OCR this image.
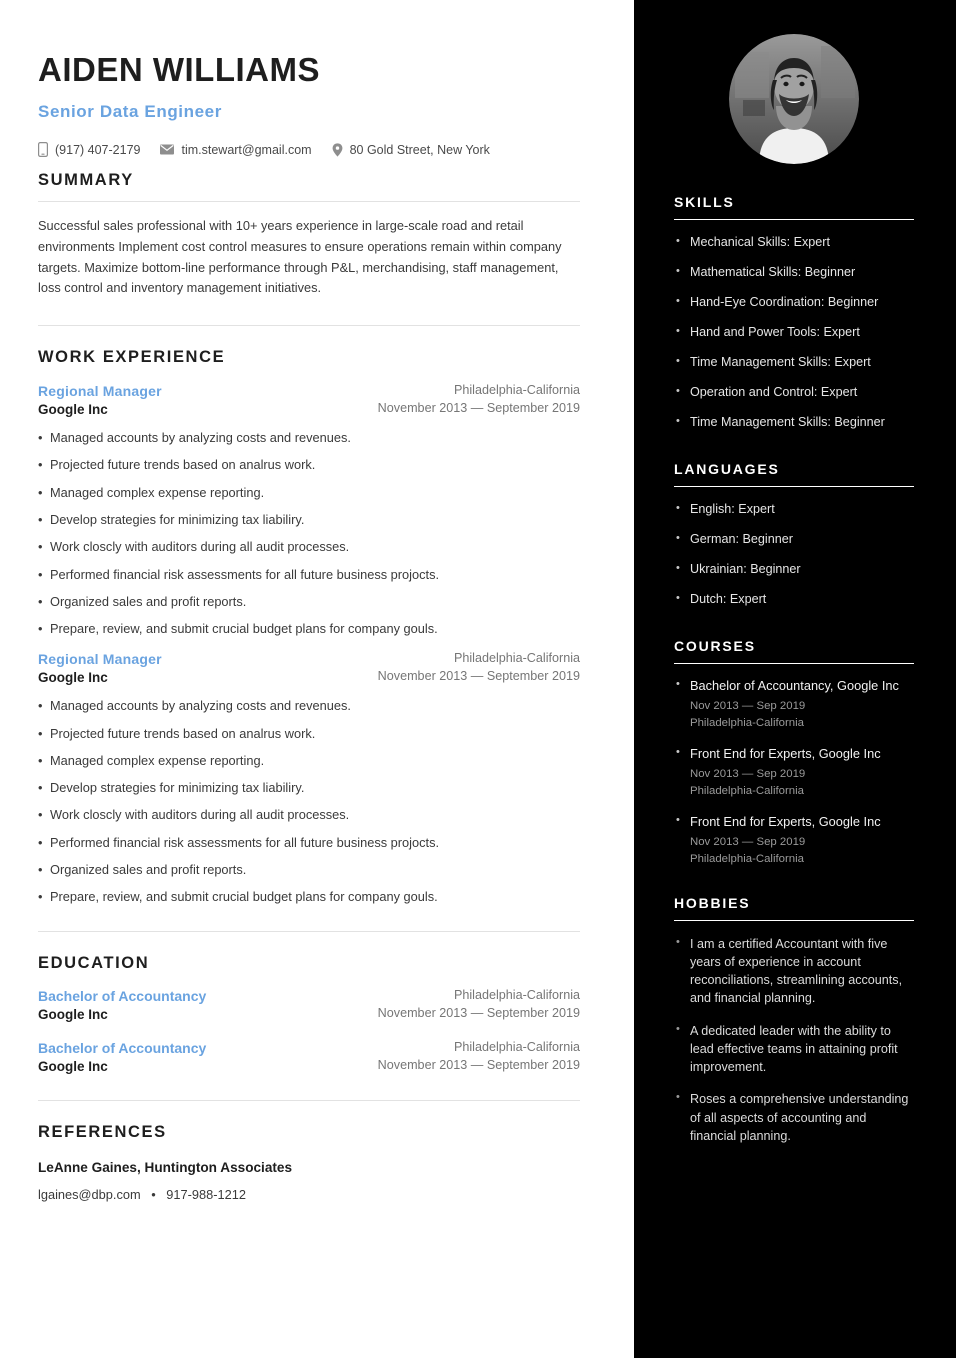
AIDEN WILLIAMS
Senior Data Engineer
(917) 407-2179	tim.stewart@gmail.com	80 Gold Street, New York
SUMMARY

Successful sales professional with 10+ years experience in large-scale road and retail environments Implement cost control measures to ensure operations remain within company targets. Maximize bottom-line performance through P&L, merchandising, staff management, loss control and inventory management initiatives.

WORK EXPERIENCE
Regional Manager
Google Inc
Philadelphia-California
November 2013 — September 2019
• Managed accounts by analyzing costs and revenues.
• Projected future trends based on analrus work.
• Managed complex expense reporting.
• Develop strategies for minimizing tax liabiliry.
• Work closcly with auditors during all audit processes.
• Performed financial risk assessments for all future business projocts.
• Organized sales and profit reports.
• Prepare, review, and submit crucial budget plans for company gouls.
Regional Manager
Google Inc
Philadelphia-California
November 2013 — September 2019
• Managed accounts by analyzing costs and revenues.
• Projected future trends based on analrus work.
• Managed complex expense reporting.
• Develop strategies for minimizing tax liabiliry.
• Work closcly with auditors during all audit processes.
• Performed financial risk assessments for all future business projocts.
• Organized sales and profit reports.
• Prepare, review, and submit crucial budget plans for company gouls.
EDUCATION
Bachelor of Accountancy
Google Inc
Philadelphia-California
November 2013 — September 2019
Bachelor of Accountancy
Google Inc
Philadelphia-California
November 2013 — September 2019
REFERENCES
LeAnne Gaines, Huntington Associates
lgaines@dbp.com • 917-988-1212
SKILLS
• Mechanical Skills: Expert
• Mathematical Skills: Beginner
• Hand-Eye Coordination: Beginner
• Hand and Power Tools: Expert
• Time Management Skills: Expert
• Operation and Control: Expert
• Time Management Skills: Beginner
LANGUAGES
• English: Expert
• German: Beginner
• Ukrainian: Beginner
• Dutch: Expert
COURSES
• Bachelor of Accountancy, Google Inc
Nov 2013 — Sep 2019
Philadelphia-California
• Front End for Experts, Google Inc
Nov 2013 — Sep 2019
Philadelphia-California
• Front End for Experts, Google Inc
Nov 2013 — Sep 2019
Philadelphia-California
HOBBIES
• I am a certified Accountant with five years of experience in account reconciliations, streamlining accounts, and financial planning.
• A dedicated leader with the ability to lead effective teams in attaining profit improvement.
• Roses a comprehensive understanding of all aspects of accounting and financial planning.
